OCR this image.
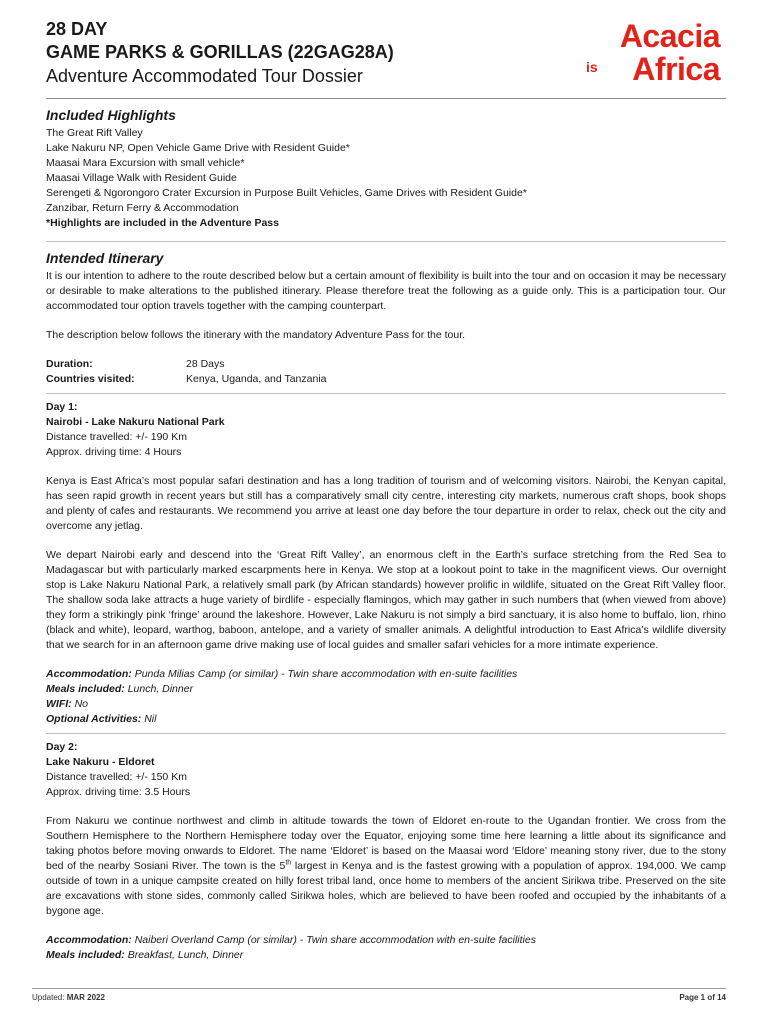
28 DAY

GAME PARKS & GORILLAS (22GAG28A)

Adventure Accommodated Tour Dossier

Acacia
is Africa
Included Highlights

The Great Rift Valley

Lake Nakuru NP, Open Vehicle Game Drive with Resident Guide*

Maasai Mara Excursion with small vehicle*

Maasai Village Walk with Resident Guide

Serengeti & Ngorongoro Crater Excursion in Purpose Built Vehicles, Game Drives with Resident Guide*

Zanzibar, Return Ferry & Accommodation

*Highlights are included in the Adventure Pass

Intended Itinerary

It is our intention to adhere to the route described below but a certain amount of flexibility is built into the tour and on occasion it may be necessary or desirable to make alterations to the published itinerary. Please therefore treat the following as a guide only. This is a participation tour. Our accommodated tour option travels together with the camping counterpart.

The description below follows the itinerary with the mandatory Adventure Pass for the tour.

Duration:	28 Days
Countries visited:	Kenya, Uganda, and Tanzania

Day 1:

Nairobi - Lake Nakuru National Park

Distance travelled: +/- 190 Km

Approx. driving time: 4 Hours

Kenya is East Africa’s most popular safari destination and has a long tradition of tourism and of welcoming visitors. Nairobi, the Kenyan capital, has seen rapid growth in recent years but still has a comparatively small city centre, interesting city markets, numerous craft shops, book shops and plenty of cafes and restaurants. We recommend you arrive at least one day before the tour departure in order to relax, check out the city and overcome any jetlag.

We depart Nairobi early and descend into the ‘Great Rift Valley’, an enormous cleft in the Earth’s surface stretching from the Red Sea to Madagascar but with particularly marked escarpments here in Kenya. We stop at a lookout point to take in the magnificent views. Our overnight stop is Lake Nakuru National Park, a relatively small park (by African standards) however prolific in wildlife, situated on the Great Rift Valley floor. The shallow soda lake attracts a huge variety of birdlife - especially flamingos, which may gather in such numbers that (when viewed from above) they form a strikingly pink ‘fringe’ around the lakeshore. However, Lake Nakuru is not simply a bird sanctuary, it is also home to buffalo, lion, rhino (black and white), leopard, warthog, baboon, antelope, and a variety of smaller animals. A delightful introduction to East Africa’s wildlife diversity that we search for in an afternoon game drive making use of local guides and smaller safari vehicles for a more intimate experience.

Accommodation: Punda Milias Camp (or similar) - Twin share accommodation with en-suite facilities

Meals included: Lunch, Dinner

WIFI: No

Optional Activities: Nil

Day 2:

Lake Nakuru - Eldoret

Distance travelled: +/- 150 Km

Approx. driving time: 3.5 Hours

From Nakuru we continue northwest and climb in altitude towards the town of Eldoret en-route to the Ugandan frontier. We cross from the Southern Hemisphere to the Northern Hemisphere today over the Equator, enjoying some time here learning a little about its significance and taking photos before moving onwards to Eldoret. The name ‘Eldoret’ is based on the Maasai word ‘Eldore’ meaning stony river, due to the stony bed of the nearby Sosiani River. The town is the 5th largest in Kenya and is the fastest growing with a population of approx. 194,000. We camp outside of town in a unique campsite created on hilly forest tribal land, once home to members of the ancient Sirikwa tribe. Preserved on the site are excavations with stone sides, commonly called Sirikwa holes, which are believed to have been roofed and occupied by the inhabitants of a bygone age.

Accommodation: Naiberi Overland Camp (or similar) - Twin share accommodation with en-suite facilities

Meals included: Breakfast, Lunch, Dinner

Updated: MAR 2022	Page 1 of 14
